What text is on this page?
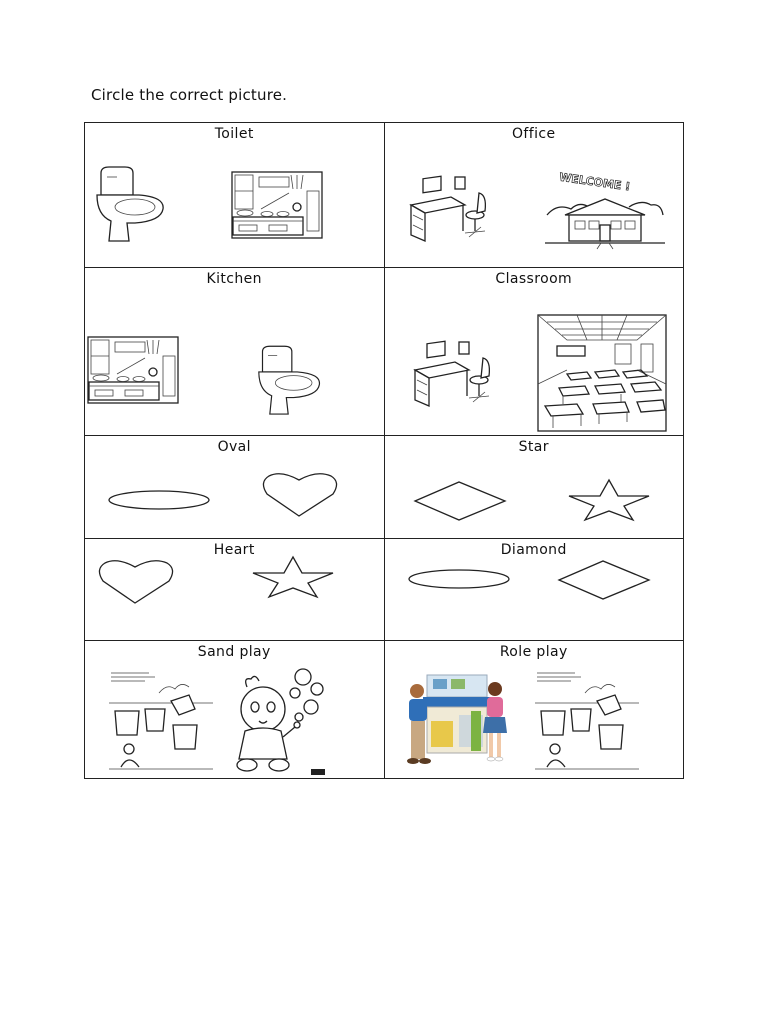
Circle the correct picture.
Toilet	Office
WELCOME !

Kitchen	Classroom

Oval	Star

Heart	Diamond

Sand play	Role play
